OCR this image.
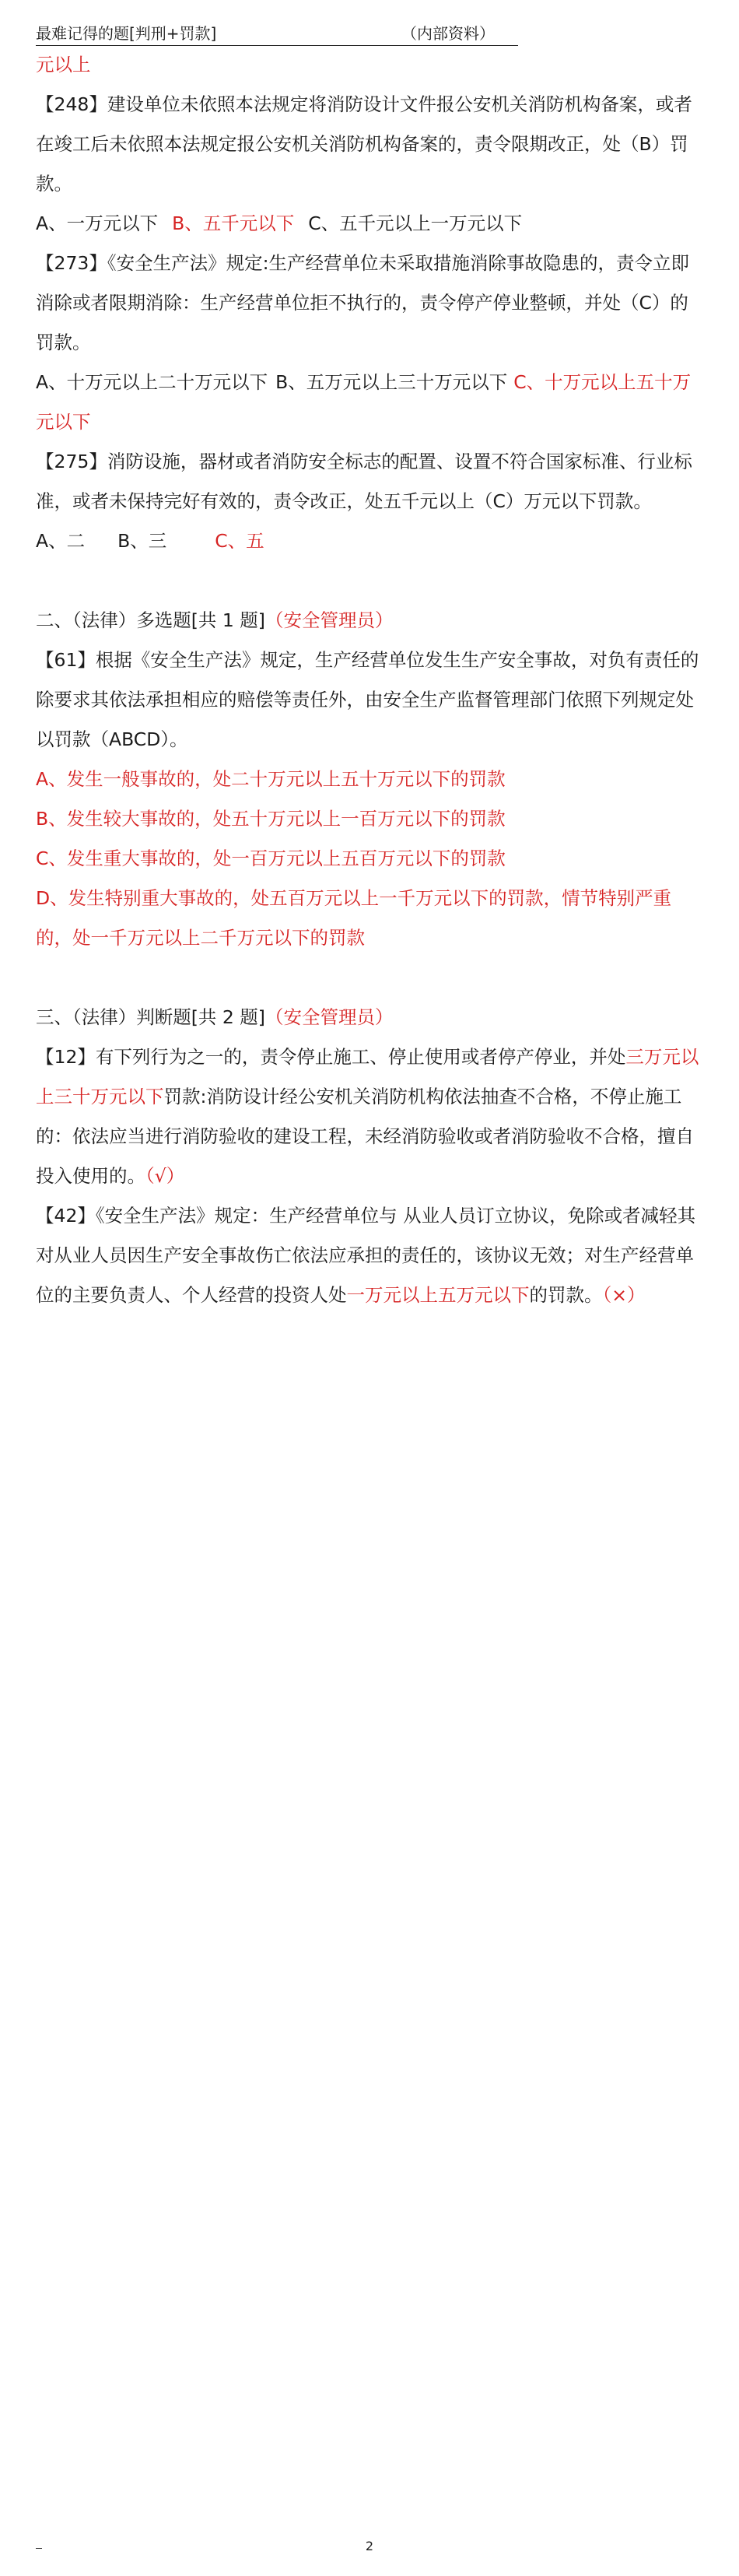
最难记得的题[判刑+罚款]	（内部资料）

元以上

【248】建设单位未依照本法规定将消防设计文件报公安机关消防机构备案，或者在竣工后未依照本法规定报公安机关消防机构备案的，责令限期改正，处（B）罚款。

A、一万元以下 B、五千元以下 C、五千元以上一万元以下

【273】《安全生产法》规定:生产经营单位未采取措施消除事故隐患的，责令立即消除或者限期消除：生产经营单位拒不执行的，责令停产停业整顿，并处（C）的罚款。

A、十万元以上二十万元以下 B、五万元以上三十万元以下 C、十万元以上五十万元以下

【275】消防设施，器材或者消防安全标志的配置、设置不符合国家标准、行业标准，或者未保持完好有效的，责令改正，处五千元以上（C）万元以下罚款。

A、二 B、三	C、五

二、（法律）多选题[共 1 题]（安全管理员）

【61】根据《安全生产法》规定，生产经营单位发生生产安全事故，对负有责任的除要求其依法承担相应的赔偿等责任外，由安全生产监督管理部门依照下列规定处以罚款（ABCD）。

A、发生一般事故的，处二十万元以上五十万元以下的罚款

B、发生较大事故的，处五十万元以上一百万元以下的罚款

C、发生重大事故的，处一百万元以上五百万元以下的罚款

D、发生特别重大事故的，处五百万元以上一千万元以下的罚款，情节特别严重的，处一千万元以上二千万元以下的罚款

三、（法律）判断题[共 2 题]（安全管理员）

【12】有下列行为之一的，责令停止施工、停止使用或者停产停业，并处三万元以上三十万元以下罚款:消防设计经公安机关消防机构依法抽查不合格，不停止施工的：依法应当进行消防验收的建设工程，未经消防验收或者消防验收不合格，擅自投入使用的。（√）

【42】《安全生产法》规定：生产经营单位与 从业人员订立协议，免除或者减轻其对从业人员因生产安全事故伤亡依法应承担的责任的，该协议无效；对生产经营单位的主要负责人、个人经营的投资人处一万元以上五万元以下的罚款。（×）

2
